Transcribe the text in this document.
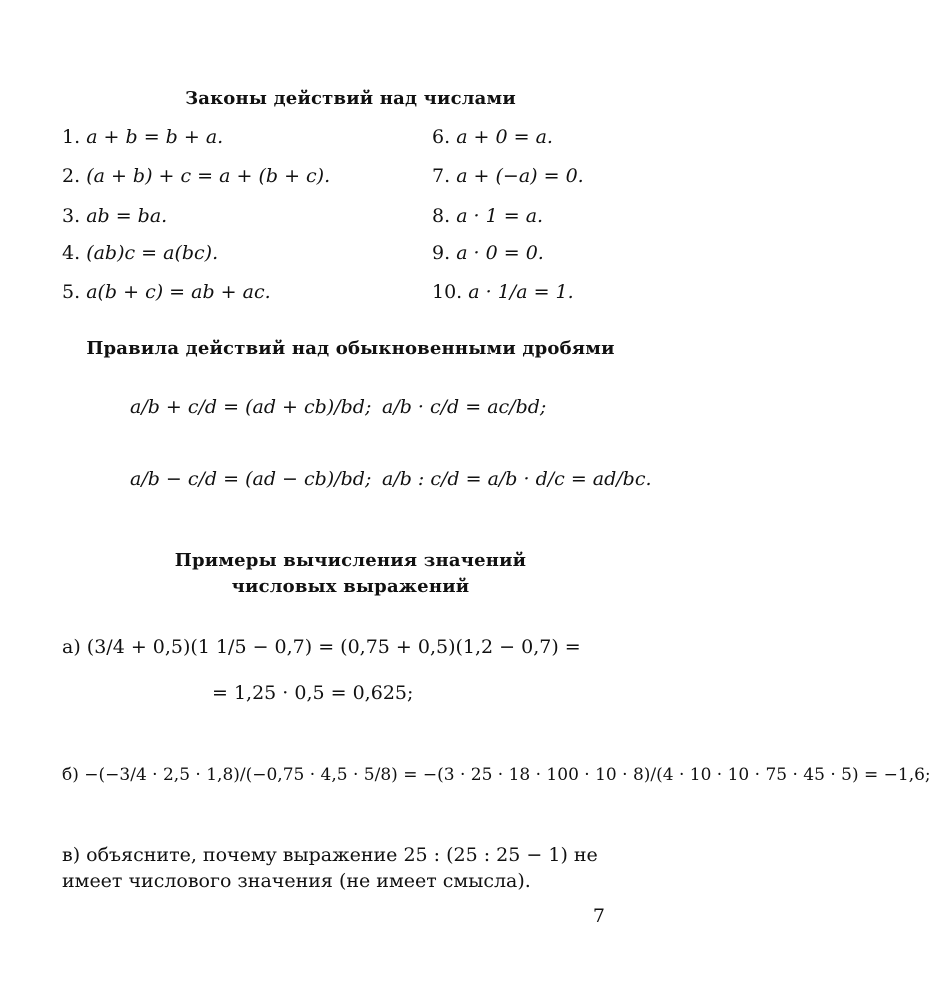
Законы действий над числами
1. a + b = b + a.
2. (a + b) + c = a + (b + c).
3. ab = ba.
4. (ab)c = a(bc).
5. a(b + c) = ab + ac.
6. a + 0 = a.
7. a + (−a) = 0.
8. a · 1 = a.
9. a · 0 = 0.
10. a · 1/a = 1.
Правила действий над обыкновенными дробями
a/b + c/d = (ad + cb)/bd; a/b · c/d = ac/bd;
a/b − c/d = (ad − cb)/bd; a/b : c/d = a/b · d/c = ad/bc.
Примеры вычисления значений
числовых выражений
а) (3/4 + 0,5)(1 1/5 − 0,7) = (0,75 + 0,5)(1,2 − 0,7) =
= 1,25 · 0,5 = 0,625;
б) −(−3/4 · 2,5 · 1,8)/(−0,75 · 4,5 · 5/8) = −(3 · 25 · 18 · 100 · 10 · 8)/(4 · 10 · 10 · 75 · 45 · 5) = −1,6;
в) объясните, почему выражение 25 : (25 : 25 − 1) не
имеет числового значения (не имеет смысла).
7
